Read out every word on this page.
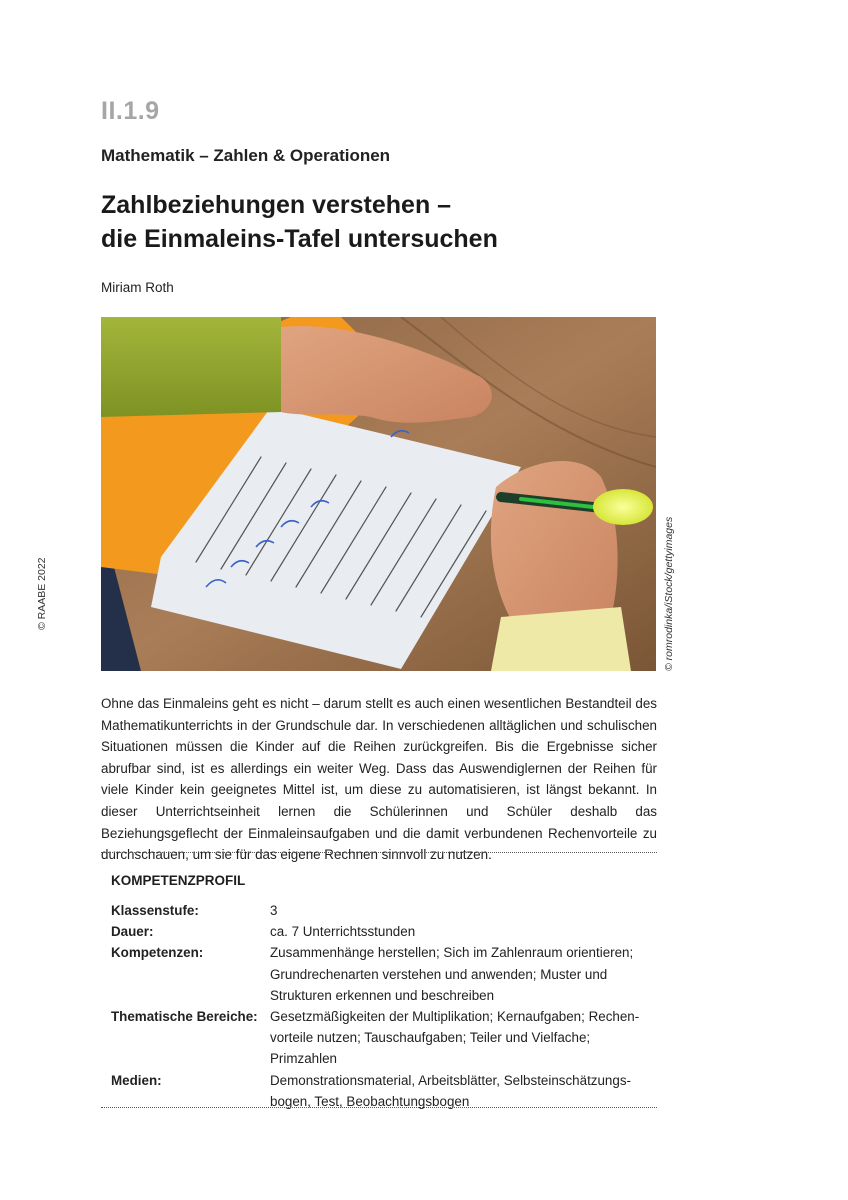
II.1.9
Mathematik – Zahlen & Operationen
Zahlbeziehungen verstehen –
die Einmaleins-Tafel untersuchen
Miriam Roth
© romrodinka/iStock/gettyimages
© RAABE 2022
Ohne das Einmaleins geht es nicht – darum stellt es auch einen wesentlichen Bestandteil des Mathematikunterrichts in der Grundschule dar. In verschiedenen alltäglichen und schulischen Situationen müssen die Kinder auf die Reihen zurückgreifen. Bis die Ergebnisse sicher abrufbar sind, ist es allerdings ein weiter Weg. Dass das Auswendiglernen der Reihen für viele Kinder kein geeignetes Mittel ist, um diese zu automatisieren, ist längst bekannt. In dieser Unterrichtseinheit lernen die Schülerinnen und Schüler deshalb das Beziehungsgeflecht der Einmaleinsaufgaben und die damit verbundenen Rechenvorteile zu durchschauen, um sie für das eigene Rechnen sinnvoll zu nutzen.
KOMPETENZPROFIL
Klassenstufe:	3
Dauer:	ca. 7 Unterrichtsstunden
Kompetenzen:	Zusammenhänge herstellen; Sich im Zahlenraum orientieren;
Grundrechenarten verstehen und anwenden; Muster und
Strukturen erkennen und beschreiben
Thematische Bereiche: Gesetzmäßigkeiten der Multiplikation; Kernaufgaben; Rechen-
vorteile nutzen; Tauschaufgaben; Teiler und Vielfache; Primzahlen
Medien:	Demonstrationsmaterial, Arbeitsblätter, Selbsteinschätzungs-
bogen, Test, Beobachtungsbogen
